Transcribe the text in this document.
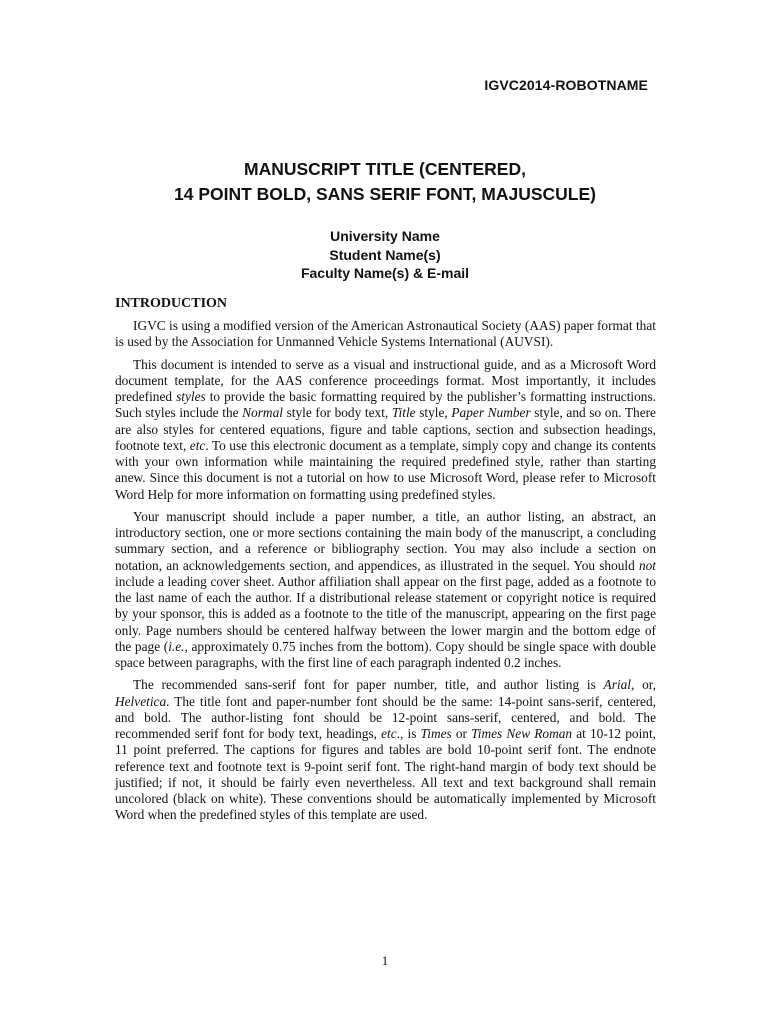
IGVC2014-ROBOTNAME
MANUSCRIPT TITLE (CENTERED,
14 POINT BOLD, SANS SERIF FONT, MAJUSCULE)
University Name
Student Name(s)
Faculty Name(s) & E-mail
INTRODUCTION

IGVC is using a modified version of the American Astronautical Society (AAS) paper format that is used by the Association for Unmanned Vehicle Systems International (AUVSI).

This document is intended to serve as a visual and instructional guide, and as a Microsoft Word document template, for the AAS conference proceedings format. Most importantly, it includes predefined styles to provide the basic formatting required by the publisher’s formatting instructions. Such styles include the Normal style for body text, Title style, Paper Number style, and so on. There are also styles for centered equations, figure and table captions, section and subsection headings, footnote text, etc. To use this electronic document as a template, simply copy and change its contents with your own information while maintaining the required predefined style, rather than starting anew. Since this document is not a tutorial on how to use Microsoft Word, please refer to Microsoft Word Help for more information on formatting using predefined styles.

Your manuscript should include a paper number, a title, an author listing, an abstract, an introductory section, one or more sections containing the main body of the manuscript, a concluding summary section, and a reference or bibliography section. You may also include a section on notation, an acknowledgements section, and appendices, as illustrated in the sequel. You should not include a leading cover sheet. Author affiliation shall appear on the first page, added as a footnote to the last name of each the author. If a distributional release statement or copyright notice is required by your sponsor, this is added as a footnote to the title of the manuscript, appearing on the first page only. Page numbers should be centered halfway between the lower margin and the bottom edge of the page (i.e., approximately 0.75 inches from the bottom). Copy should be single space with double space between paragraphs, with the first line of each paragraph indented 0.2 inches.

The recommended sans-serif font for paper number, title, and author listing is Arial, or, Helvetica. The title font and paper-number font should be the same: 14-point sans-serif, centered, and bold. The author-listing font should be 12-point sans-serif, centered, and bold. The recommended serif font for body text, headings, etc., is Times or Times New Roman at 10-12 point, 11 point preferred. The captions for figures and tables are bold 10-point serif font. The endnote reference text and footnote text is 9-point serif font. The right-hand margin of body text should be justified; if not, it should be fairly even nevertheless. All text and text background shall remain uncolored (black on white). These conventions should be automatically implemented by Microsoft Word when the predefined styles of this template are used.

1
